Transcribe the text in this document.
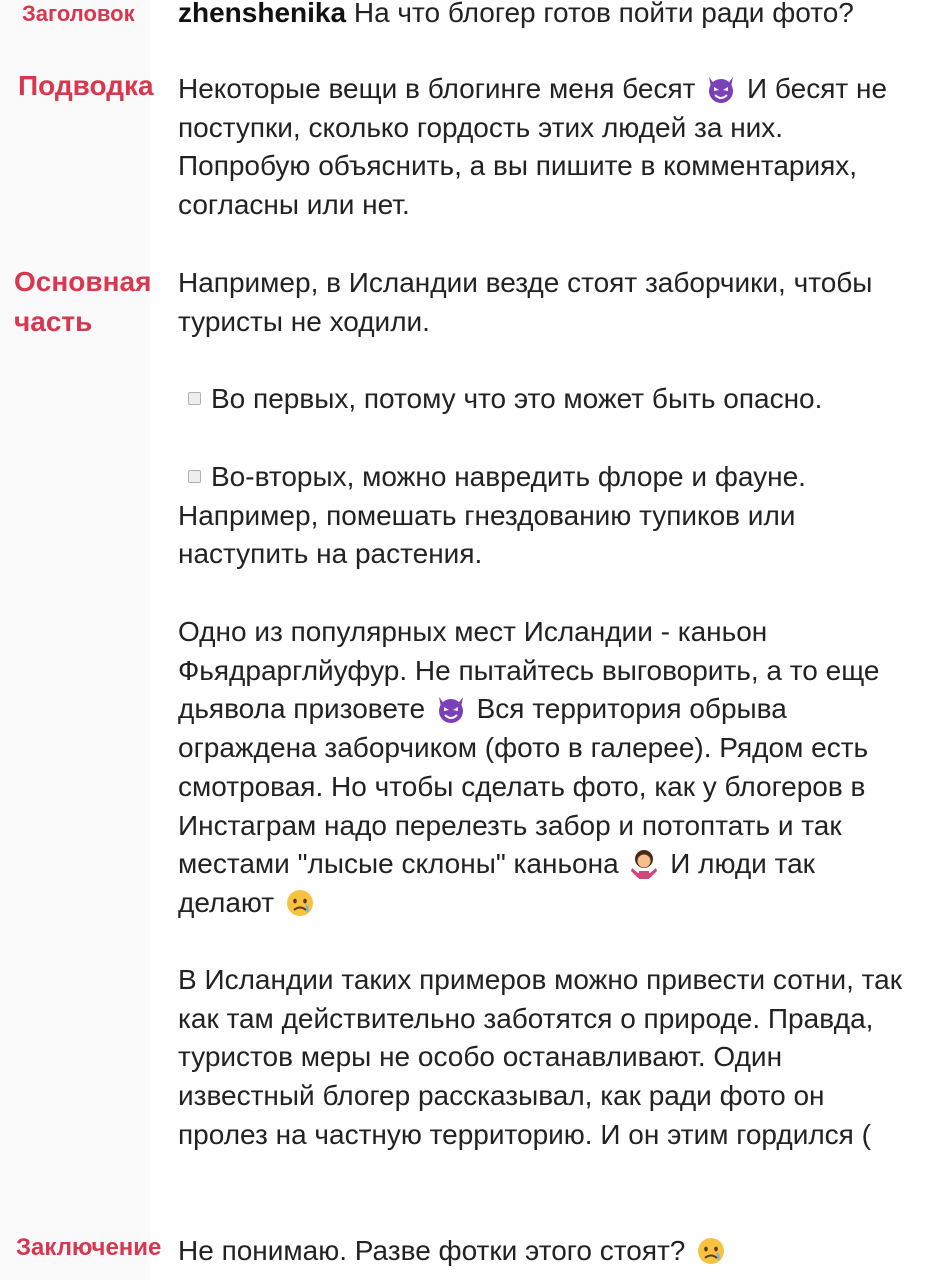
Заголовок
Подводка
Основная
часть
Заключение
zhenshenika На что блогер готов пойти ради фото?
Некоторые вещи в блогинге меня бесят И бесят не поступки, сколько гордость этих людей за них. Попробую объяснить, а вы пишите в комментариях, согласны или нет.
Например, в Исландии везде стоят заборчики, чтобы туристы не ходили.
Во первых, потому что это может быть опасно.
Во-вторых, можно навредить флоре и фауне. Например, помешать гнездованию тупиков или наступить на растения.
Одно из популярных мест Исландии - каньон Фьядрарглйуфур. Не пытайтесь выговорить, а то еще дьявола призовете Вся территория обрыва ограждена заборчиком (фото в галерее). Рядом есть смотровая. Но чтобы сделать фото, как у блогеров в Инстаграм надо перелезть забор и потоптать и так местами "лысые склоны" каньона И люди так делают
В Исландии таких примеров можно привести сотни, так как там действительно заботятся о природе. Правда, туристов меры не особо останавливают. Один известный блогер рассказывал, как ради фото он пролез на частную территорию. И он этим гордился (
Не понимаю. Разве фотки этого стоят?
